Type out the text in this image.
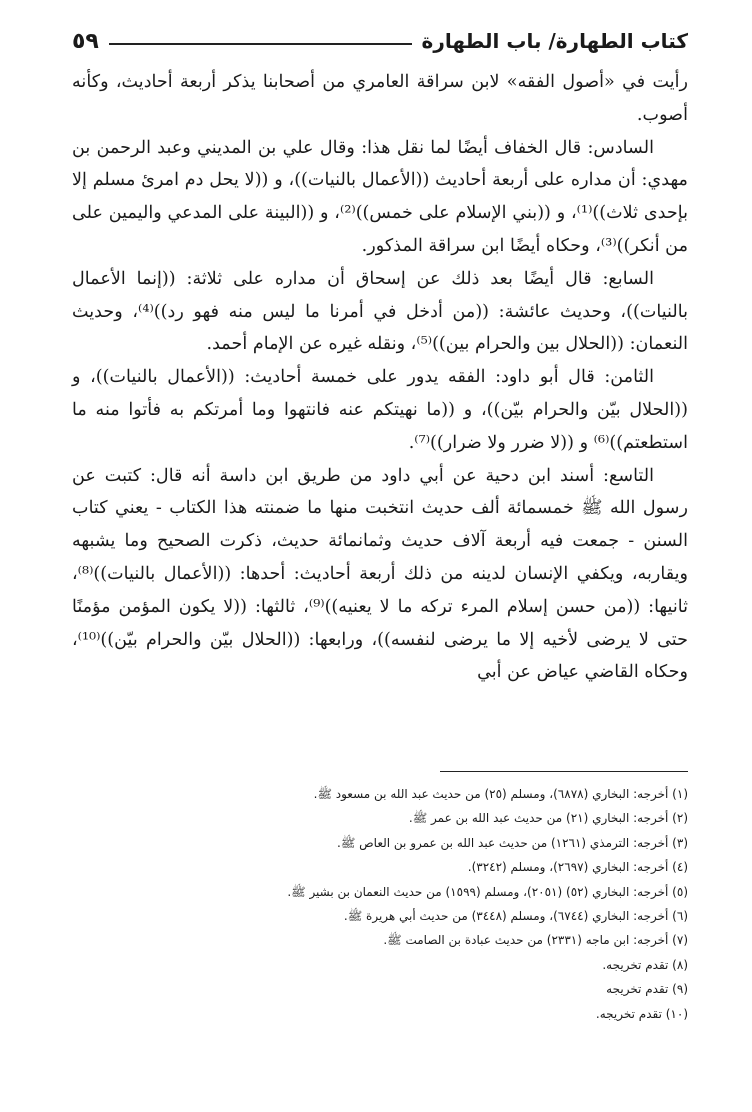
كتاب الطهارة/ باب الطهارة
٥٩

رأيت في «أصول الفقه» لابن سراقة العامري من أصحابنا يذكر أربعة أحاديث، وكأنه أصوب.

السادس: قال الخفاف أيضًا لما نقل هذا: وقال علي بن المديني وعبد الرحمن بن مهدي: أن مداره على أربعة أحاديث ((الأعمال بالنيات))، و ((لا يحل دم امرئ مسلم إلا بإحدى ثلاث))⁽¹⁾، و ((بني الإسلام على خمس))⁽²⁾، و ((البينة على المدعي واليمين على من أنكر))⁽³⁾، وحكاه أيضًا ابن سراقة المذكور.

السابع: قال أيضًا بعد ذلك عن إسحاق أن مداره على ثلاثة: ((إنما الأعمال بالنيات))، وحديث عائشة: ((من أدخل في أمرنا ما ليس منه فهو رد))⁽⁴⁾، وحديث النعمان: ((الحلال بين والحرام بين))⁽⁵⁾، ونقله غيره عن الإمام أحمد.

الثامن: قال أبو داود: الفقه يدور على خمسة أحاديث: ((الأعمال بالنيات))، و ((الحلال بيّن والحرام بيّن))، و ((ما نهيتكم عنه فانتهوا وما أمرتكم به فأتوا منه ما استطعتم))⁽⁶⁾ و ((لا ضرر ولا ضرار))⁽⁷⁾.

التاسع: أسند ابن دحية عن أبي داود من طريق ابن داسة أنه قال: كتبت عن رسول الله ﷺ خمسمائة ألف حديث انتخبت منها ما ضمنته هذا الكتاب - يعني كتاب السنن - جمعت فيه أربعة آلاف حديث وثمانمائة حديث، ذكرت الصحيح وما يشبهه ويقاربه، ويكفي الإنسان لدينه من ذلك أربعة أحاديث: أحدها: ((الأعمال بالنيات))⁽⁸⁾، ثانيها: ((من حسن إسلام المرء تركه ما لا يعنيه))⁽⁹⁾، ثالثها: ((لا يكون المؤمن مؤمنًا حتى لا يرضى لأخيه إلا ما يرضى لنفسه))، ورابعها: ((الحلال بيّن والحرام بيّن))⁽¹⁰⁾، وحكاه القاضي عياض عن أبي

(١) أخرجه: البخاري (٦٨٧٨)، ومسلم (٢٥) من حديث عبد الله بن مسعود ﷺ.

(٢) أخرجه: البخاري (٢١) من حديث عبد الله بن عمر ﷺ.

(٣) أخرجه: الترمذي (١٢٦١) من حديث عبد الله بن عمرو بن العاص ﷺ.

(٤) أخرجه: البخاري (٢٦٩٧)، ومسلم (٣٢٤٢).

(٥) أخرجه: البخاري (٥٢) (٢٠٥١)، ومسلم (١٥٩٩) من حديث النعمان بن بشير ﷺ.

(٦) أخرجه: البخاري (٦٧٤٤)، ومسلم (٣٤٤٨) من حديث أبي هريرة ﷺ.

(٧) أخرجه: ابن ماجه (٢٣٣١) من حديث عبادة بن الصامت ﷺ.

(٨) تقدم تخريجه.

(٩) تقدم تخريجه

(١٠) تقدم تخريجه.
